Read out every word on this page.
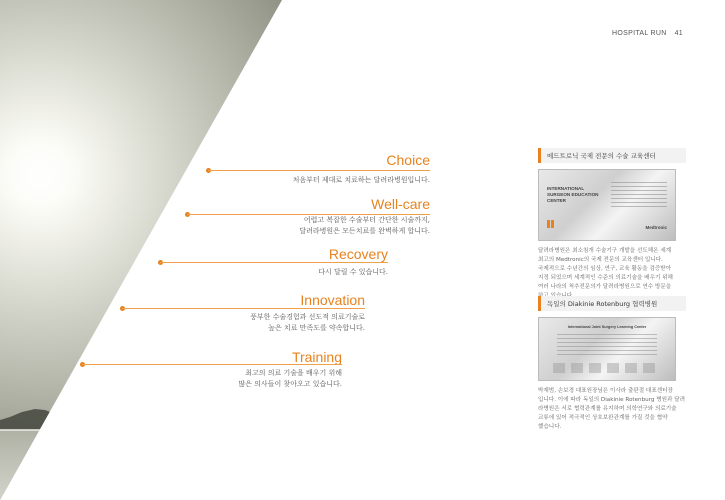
HOSPITAL RUN 41
Choice
처음부터 제대로 치료하는 달려라병원입니다.
Well-care
어렵고 복잡한 수술부터 간단한 시술까지,
달려라병원은 모든치료를 완벽하게 합니다.
Recovery
다시 달릴 수 있습니다.
Innovation
풍부한 수술경험과 선도적 의료기술로
높은 치료 만족도를 약속합니다.
Training
최고의 의료 기술을 배우기 위해
많은 의사들이 찾아오고 있습니다.
메드트로닉 국제 전문의 수술 교육센터
INTERNATIONAL SURGEON EDUCATION CENTER
Medtronic

달려라병원은 최소침개 수술기구 개발을 선도해온 세계
최고의 Medtronic의 국제 전문의 교육센터 입니다.
국제적으로 수년간의 임상, 연구, 교육 활동을 검증받아
지정 되었으며 세계적인 수준의 의료기술을 배우기 위해
여러 나라의 척추전문의가 달려라병원으로 연수 방문을

독일의 Diakinie Rotenburg 협력병원
International Joint Surgery Learning Center

박재범, 손보경 대표원장님은 이사라 출판절 대표센터장
입니다. 이에 따라 독일의 Diakinie Rotenburg 병원과 달려
라병원은 서로 협력관계를 유지하며 의학연구와 의료기술
교류에 있어 적극적인 상호보완관계를 가질 것을 협약
했습니다.
